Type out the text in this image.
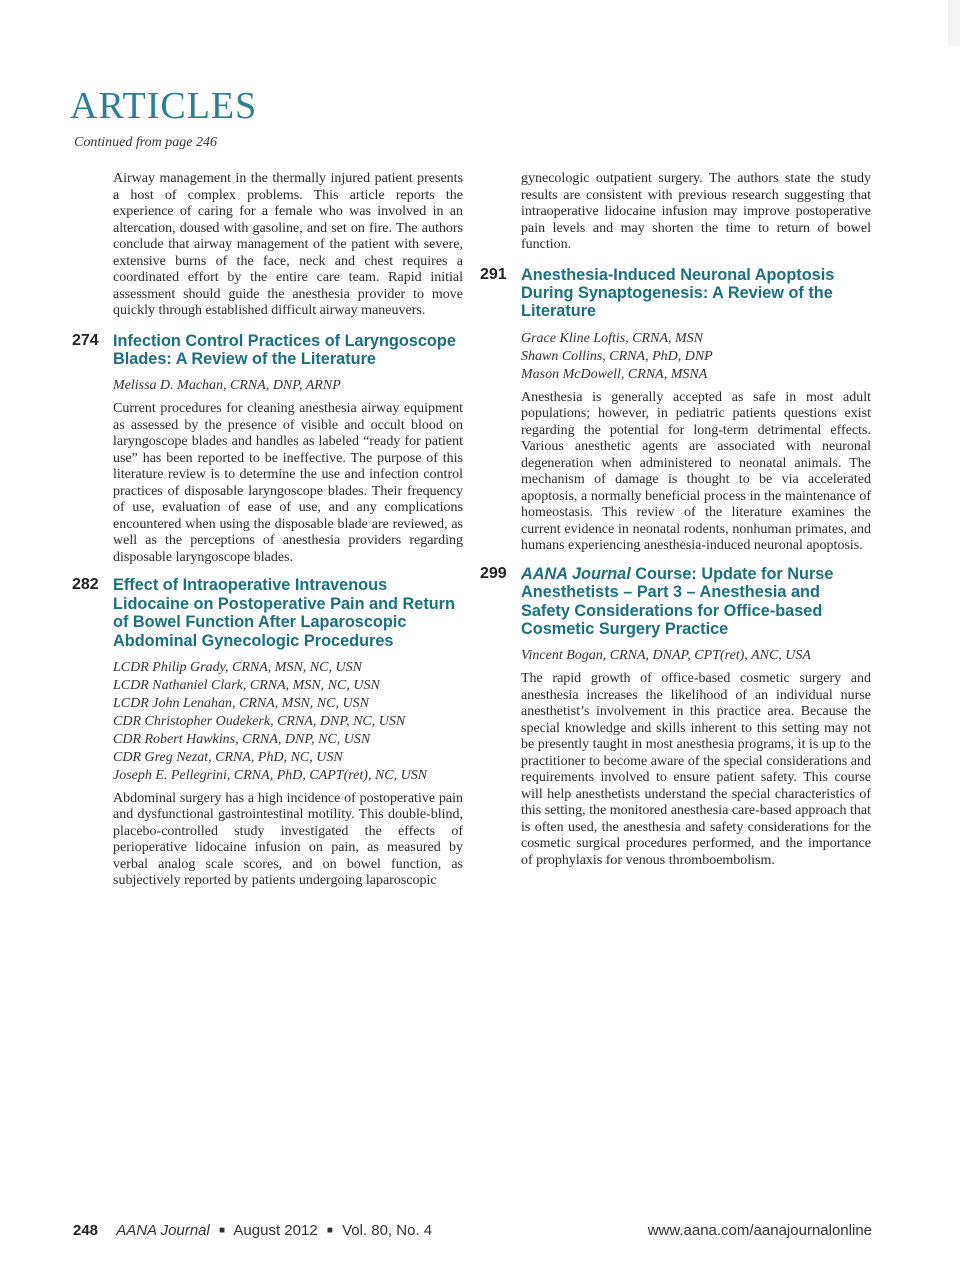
ARTICLES
Continued from page 246

Airway management in the thermally injured patient presents a host of complex problems. This article reports the experience of caring for a female who was involved in an altercation, doused with gasoline, and set on fire. The authors conclude that airway management of the patient with severe, extensive burns of the face, neck and chest requires a coordinated effort by the entire care team. Rapid initial assessment should guide the anesthesia provider to move quickly through established difficult airway maneuvers.

274 Infection Control Practices of Laryngoscope Blades: A Review of the Literature
Melissa D. Machan, CRNA, DNP, ARNP

Current procedures for cleaning anesthesia airway equipment as assessed by the presence of visible and occult blood on laryngoscope blades and handles as labeled “ready for patient use” has been reported to be ineffective. The purpose of this literature review is to determine the use and infection control practices of disposable laryngoscope blades. Their frequency of use, evaluation of ease of use, and any complications encountered when using the disposable blade are reviewed, as well as the perceptions of anesthesia providers regarding disposable laryngoscope blades.

282 Effect of Intraoperative Intravenous Lidocaine on Postoperative Pain and Return of Bowel Function After Laparoscopic Abdominal Gynecologic Procedures
LCDR Philip Grady, CRNA, MSN, NC, USN
LCDR Nathaniel Clark, CRNA, MSN, NC, USN
LCDR John Lenahan, CRNA, MSN, NC, USN
CDR Christopher Oudekerk, CRNA, DNP, NC, USN
CDR Robert Hawkins, CRNA, DNP, NC, USN
CDR Greg Nezat, CRNA, PhD, NC, USN
Joseph E. Pellegrini, CRNA, PhD, CAPT(ret), NC, USN

Abdominal surgery has a high incidence of postoperative pain and dysfunctional gastrointestinal motility. This double-blind, placebo-controlled study investigated the effects of perioperative lidocaine infusion on pain, as measured by verbal analog scale scores, and on bowel function, as subjectively reported by patients undergoing laparoscopic

gynecologic outpatient surgery. The authors state the study results are consistent with previous research suggesting that intraoperative lidocaine infusion may improve postoperative pain levels and may shorten the time to return of bowel function.

291 Anesthesia-Induced Neuronal Apoptosis During Synaptogenesis: A Review of the Literature
Grace Kline Loftis, CRNA, MSN
Shawn Collins, CRNA, PhD, DNP
Mason McDowell, CRNA, MSNA

Anesthesia is generally accepted as safe in most adult populations; however, in pediatric patients questions exist regarding the potential for long-term detrimental effects. Various anesthetic agents are associated with neuronal degeneration when administered to neonatal animals. The mechanism of damage is thought to be via accelerated apoptosis, a normally beneficial process in the maintenance of homeostasis. This review of the literature examines the current evidence in neonatal rodents, nonhuman primates, and humans experiencing anesthesia-induced neuronal apoptosis.

299 AANA Journal Course: Update for Nurse Anesthetists – Part 3 – Anesthesia and Safety Considerations for Office-based Cosmetic Surgery Practice
Vincent Bogan, CRNA, DNAP, CPT(ret), ANC, USA

The rapid growth of office-based cosmetic surgery and anesthesia increases the likelihood of an individual nurse anesthetist’s involvement in this practice area. Because the special knowledge and skills inherent to this setting may not be presently taught in most anesthesia programs, it is up to the practitioner to become aware of the special considerations and requirements involved to ensure patient safety. This course will help anesthetists understand the special characteristics of this setting, the monitored anesthesia care-based approach that is often used, the anesthesia and safety considerations for the cosmetic surgical procedures performed, and the importance of prophylaxis for venous thromboembolism.

248 AANA Journal ■ August 2012 ■ Vol. 80, No. 4	www.aana.com/aanajournalonline
